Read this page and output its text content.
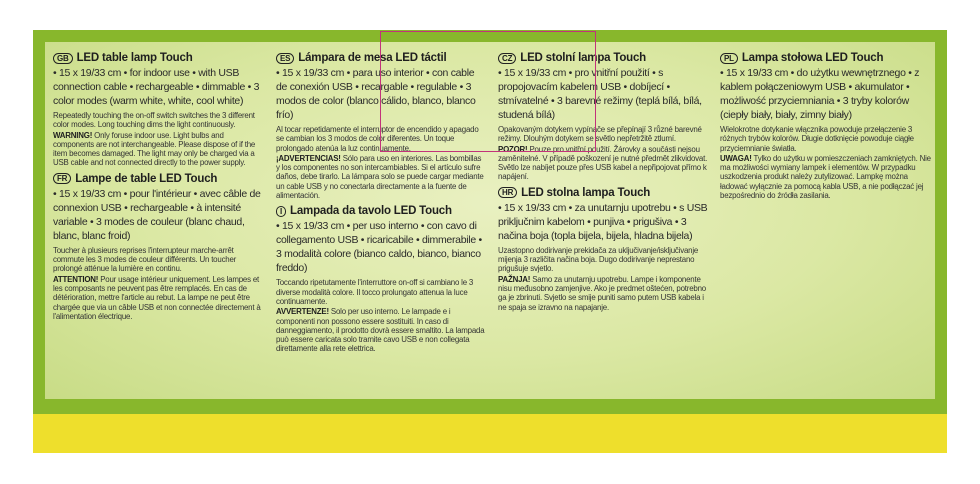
GB LED table lamp Touch
• 15 x 19/33 cm • for indoor use • with USB connection cable • rechargeable • dimmable • 3 color modes (warm white, white, cool white)
Repeatedly touching the on-off switch switches the 3 different color modes. Long touching dims the light continuously.
WARNING! Only foruse indoor use. Light bulbs and components are not interchangeable. Please dispose of if the item becomes damaged. The light may only be charged via a USB cable and not connected directly to the power supply.
FR Lampe de table LED Touch
• 15 x 19/33 cm • pour l'intérieur • avec câble de connexion USB • rechargeable • à intensité variable • 3 modes de couleur (blanc chaud, blanc, blanc froid)
Toucher à plusieurs reprises l'interrupteur marche-arrêt commute les 3 modes de couleur différents. Un toucher prolongé atténue la lumière en continu.
ATTENTION! Pour usage intérieur uniquement. Les lampes et les composants ne peuvent pas être remplacés. En cas de détérioration, mettre l'article au rebut. La lampe ne peut être chargée que via un câble USB et non connectée directement à l'alimentation électrique.
ES Lámpara de mesa LED táctil
• 15 x 19/33 cm • para uso interior • con cable de conexión USB • recargable • regulable • 3 modos de color (blanco cálido, blanco, blanco frío)
Al tocar repetidamente el interruptor de encendido y apagado se cambian los 3 modos de color diferentes. Un toque prolongado atenúa la luz continuamente.
¡ADVERTENCIAS! Sólo para uso en interiores. Las bombillas y los componentes no son intercambiables. Si el artículo sufre daños, debe tirarlo. La lámpara solo se puede cargar mediante un cable USB y no conectarla directamente a la fuente de alimentación.
I Lampada da tavolo LED Touch
• 15 x 19/33 cm • per uso interno • con cavo di collegamento USB • ricaricabile • dimmerabile • 3 modalità colore (bianco caldo, bianco, bianco freddo)
Toccando ripetutamente l'interruttore on-off si cambiano le 3 diverse modalità colore. Il tocco prolungato attenua la luce continuamente.
AVVERTENZE! Solo per uso interno. Le lampade e i componenti non possono essere sostituiti. In caso di danneggiamento, il prodotto dovrà essere smaltito. La lampada può essere caricata solo tramite cavo USB e non collegata direttamente alla rete elettrica.
CZ LED stolní lampa Touch
• 15 x 19/33 cm • pro vnitřní použití • s propojovacím kabelem USB • dobíjecí • stmívatelné • 3 barevné režimy (teplá bílá, bílá, studená bílá)
Opakovaným dotykem vypínače se přepínají 3 různé barevné režimy. Dlouhým dotykem se světlo nepřetržitě ztlumí.
POZOR! Pouze pro vnitřní použití. Žárovky a součásti nejsou zaměnitelné. V případě poškození je nutné předmět zlikvidovat. Světlo lze nabíjet pouze přes USB kabel a nepřipojovat přímo k napájení.
HR LED stolna lampa Touch
• 15 x 19/33 cm • za unutarnju upotrebu • s USB priključnim kabelom • punjiva • prigušiva • 3 načina boja (topla bijela, bijela, hladna bijela)
Uzastopno dodirivanje prekidača za uključivanje/isključivanje mijenja 3 različita načina boja. Dugo dodirivanje neprestano prigušuje svjetlo.
PAŽNJA! Samo za unutarnju upotrebu. Lampe i komponente nisu međusobno zamjenjive. Ako je predmet oštećen, potrebno ga je zbrinuti. Svjetlo se smije puniti samo putem USB kabela i ne spaja se izravno na napajanje.
PL Lampa stołowa LED Touch
• 15 x 19/33 cm • do użytku wewnętrznego • z kablem połączeniowym USB • akumulator • możliwość przyciemniania • 3 tryby kolorów (ciepły biały, biały, zimny biały)
Wielokrotne dotykanie włącznika powoduje przełączenie 3 różnych trybów kolorów. Długie dotknięcie powoduje ciągłe przyciemnianie światła.
UWAGA! Tylko do użytku w pomieszczeniach zamkniętych. Nie ma możliwości wymiany lampek i elementów. W przypadku uszkodzenia produkt należy zutylizować. Lampkę można ładować wyłącznie za pomocą kabla USB, a nie podłączać jej bezpośrednio do źródła zasilania.
